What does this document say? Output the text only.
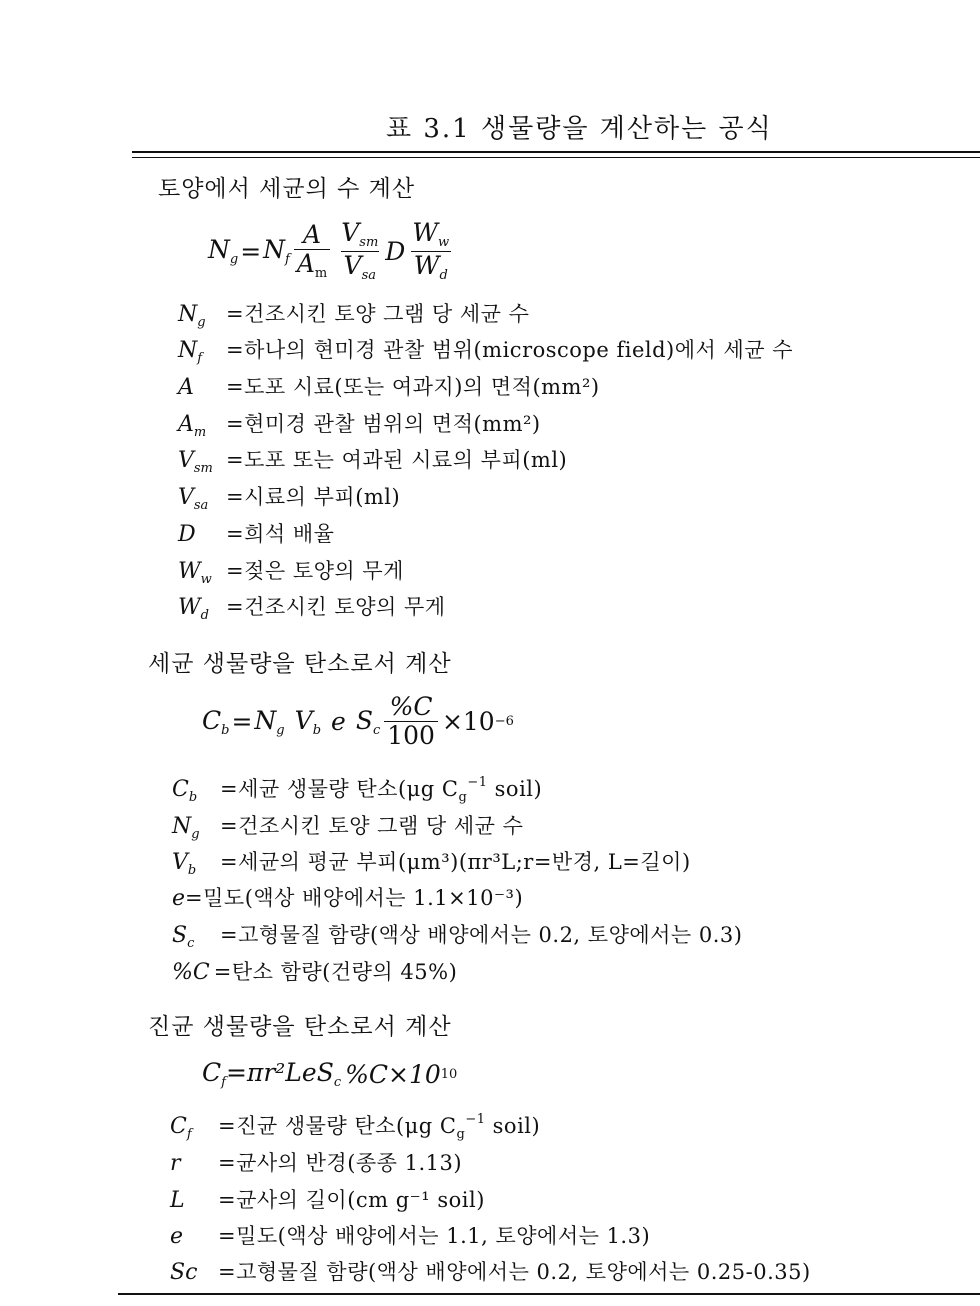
표 3.1 생물량을 계산하는 공식
토양에서 세균의 수 계산
$N_g = N_f \frac{A}{A_m} \frac{V_{sm}}{V_{sa}}$ D $\frac{W_w}{W_d}$
$N_g$ =건조시킨 토양 그램 당 세균 수
$N_f$	=하나의 현미경 관찰 범위(microscope field)에서 세균 수
A	=도포 시료(또는 여과지)의 면적(mm²)
$A_m$ =현미경 관찰 범위의 면적(mm²)
$V_{sm}$ =도포 또는 여과된 시료의 부피(ml)
$V_{sa}$ =시료의 부피(ml)
D	=희석 배율
$W_w$ =젖은 토양의 무게
$W_d$ =건조시킨 토양의 무게
세균 생물량을 탄소로서 계산
$C_b = N_g$ $V_b$ e $S_c \frac{\%C}{100} \times 10 -6$
$C_b$	=세균 생물량 탄소(μg $C_g^{-1}$ soil)
$N_g$ =건조시킨 토양 그램 당 세균 수
$V_b$	=세균의 평균 부피(μm³)(πr³L;r=반경, L=길이)
e =밀도(액상 배양에서는 1.1×10⁻³)
$S_c$	=고형물질 함량(액상 배양에서는 0.2, 토양에서는 0.3)
%C =탄소 함량(건량의 45%)
진균 생물량을 탄소로서 계산
$C_f =\pi r^2LeS_c$ %C×10 10
$C_f$	=진균 생물량 탄소(μg $C_g^{-1}$ soil)
r	=균사의 반경(종종 1.13)
L	=균사의 길이(cm g⁻¹ soil)
e	=밀도(액상 배양에서는 1.1, 토양에서는 1.3)
Sc =고형물질 함량(액상 배양에서는 0.2, 토양에서는 0.25-0.35)
